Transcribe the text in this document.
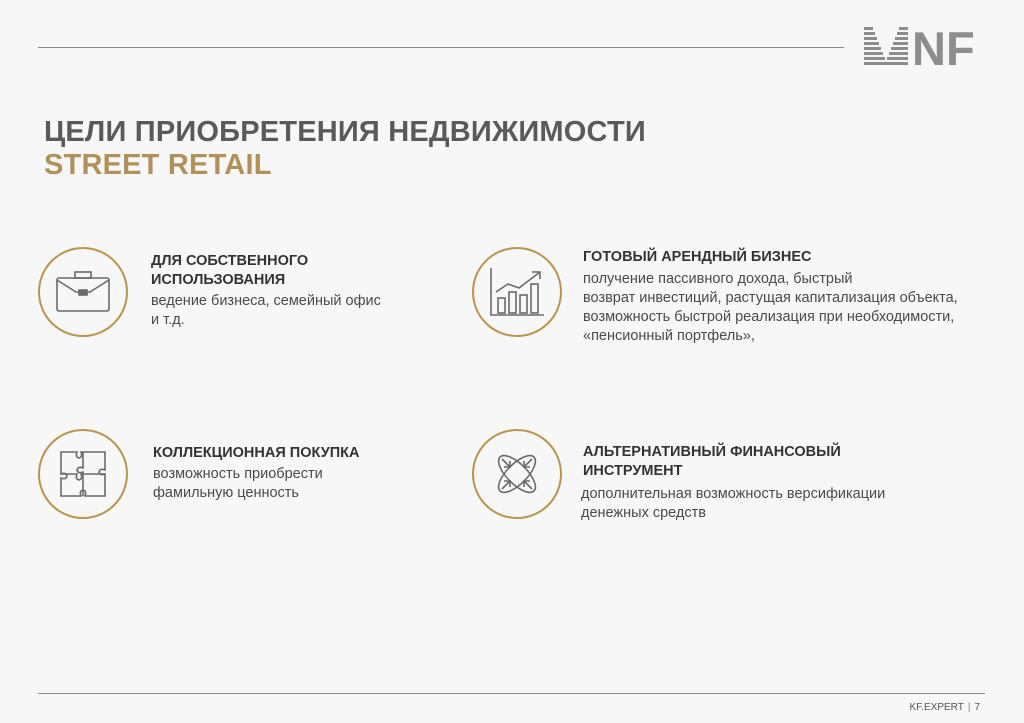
NF
ЦЕЛИ ПРИОБРЕТЕНИЯ НЕДВИЖИМОСТИ
STREET RETAIL
ДЛЯ СОБСТВЕННОГО
ИСПОЛЬЗОВАНИЯ
ведение бизнеса, семейный офис
и т.д.
ГОТОВЫЙ АРЕНДНЫЙ БИЗНЕС
получение пассивного дохода, быстрый
возврат инвестиций, растущая капитализация объекта,
возможность быстрой реализация при необходимости,
«пенсионный портфель»,
КОЛЛЕКЦИОННАЯ ПОКУПКА
возможность приобрести
фамильную ценность
АЛЬТЕРНАТИВНЫЙ ФИНАНСОВЫЙ
ИНСТРУМЕНТ
дополнительная возможность версификации
денежных средств
KF.EXPERT | 7
